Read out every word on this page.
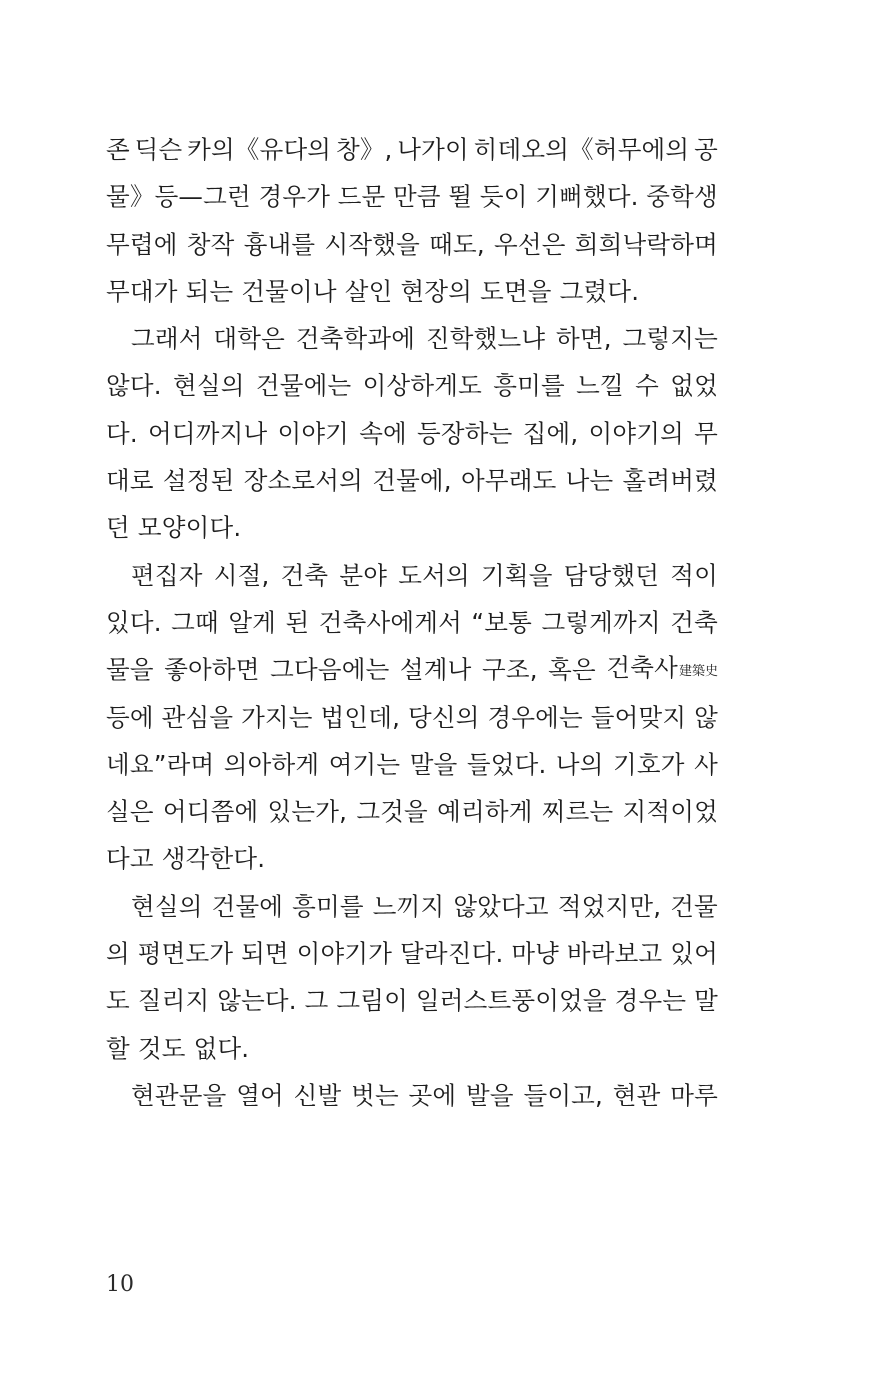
존 딕슨 카의《유다의 창》, 나가이 히데오의《허무에의 공
물》등—그런 경우가 드문 만큼 뛸 듯이 기뻐했다. 중학생
무렵에 창작 흉내를 시작했을 때도, 우선은 희희낙락하며
무대가 되는 건물이나 살인 현장의 도면을 그렸다.
그래서 대학은 건축학과에 진학했느냐 하면, 그렇지는
않다. 현실의 건물에는 이상하게도 흥미를 느낄 수 없었
다. 어디까지나 이야기 속에 등장하는 집에, 이야기의 무
대로 설정된 장소로서의 건물에, 아무래도 나는 홀려버렸
던 모양이다.
편집자 시절, 건축 분야 도서의 기획을 담당했던 적이
있다. 그때 알게 된 건축사에게서 “보통 그렇게까지 건축
물을 좋아하면 그다음에는 설계나 구조, 혹은 건축사建築史
등에 관심을 가지는 법인데, 당신의 경우에는 들어맞지 않
네요”라며 의아하게 여기는 말을 들었다. 나의 기호가 사
실은 어디쯤에 있는가, 그것을 예리하게 찌르는 지적이었
다고 생각한다.
현실의 건물에 흥미를 느끼지 않았다고 적었지만, 건물
의 평면도가 되면 이야기가 달라진다. 마냥 바라보고 있어
도 질리지 않는다. 그 그림이 일러스트풍이었을 경우는 말
할 것도 없다.
현관문을 열어 신발 벗는 곳에 발을 들이고, 현관 마루
10
